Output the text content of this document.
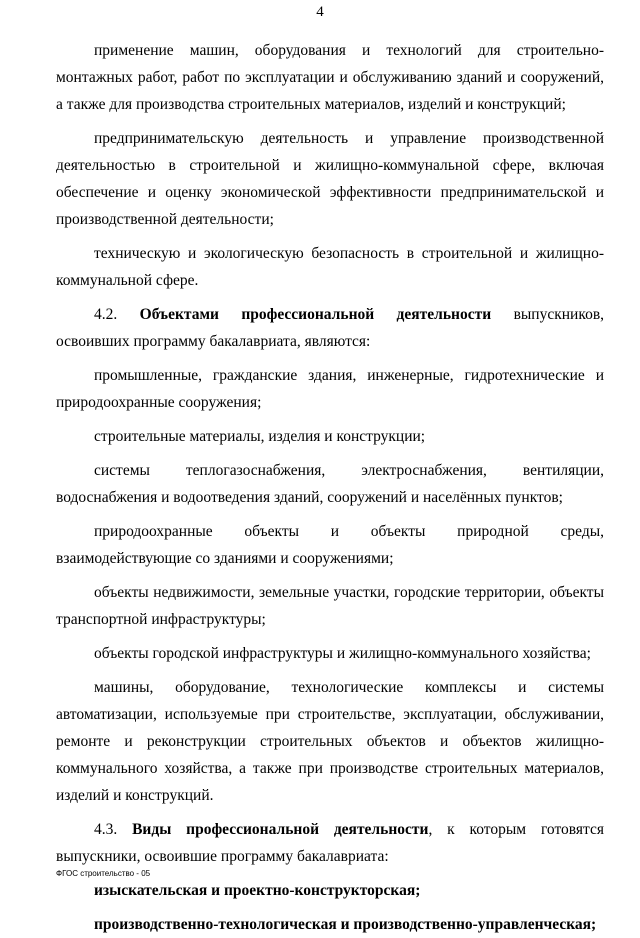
4

применение машин, оборудования и технологий для строительно-монтажных работ, работ по эксплуатации и обслуживанию зданий и сооружений, а также для производства строительных материалов, изделий и конструкций;

предпринимательскую деятельность и управление производственной деятельностью в строительной и жилищно-коммунальной сфере, включая обеспечение и оценку экономической эффективности предпринимательской и производственной деятельности;

техническую и экологическую безопасность в строительной и жилищно-коммунальной сфере.

4.2. Объектами профессиональной деятельности выпускников, освоивших программу бакалавриата, являются:

промышленные, гражданские здания, инженерные, гидротехнические и природоохранные сооружения;

строительные материалы, изделия и конструкции;

системы теплогазоснабжения, электроснабжения, вентиляции, водоснабжения и водоотведения зданий, сооружений и населённых пунктов;

природоохранные объекты и объекты природной среды, взаимодействующие со зданиями и сооружениями;

объекты недвижимости, земельные участки, городские территории, объекты транспортной инфраструктуры;

объекты городской инфраструктуры и жилищно-коммунального хозяйства;

машины, оборудование, технологические комплексы и системы автоматизации, используемые при строительстве, эксплуатации, обслуживании, ремонте и реконструкции строительных объектов и объектов жилищно-коммунального хозяйства, а также при производстве строительных материалов, изделий и конструкций.

4.3. Виды профессиональной деятельности, к которым готовятся выпускники, освоившие программу бакалавриата:

изыскательская и проектно-конструкторская;

производственно-технологическая и производственно-управленческая;

ФГОС строительство - 05
